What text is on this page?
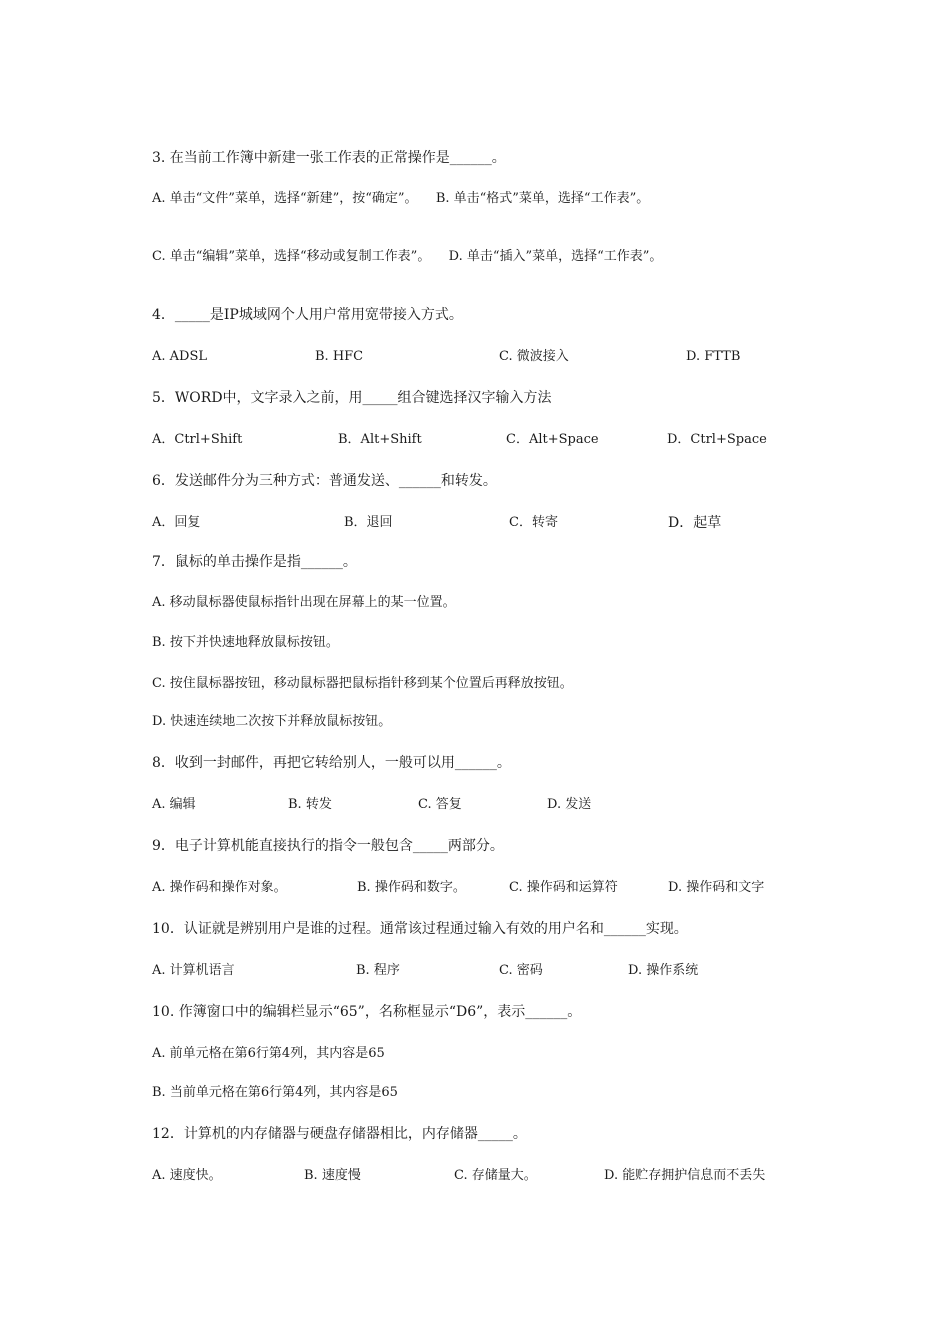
3. 在当前工作簿中新建一张工作表的正常操作是______。
A. 单击“文件”菜单，选择“新建”，按“确定”。 B. 单击“格式”菜单，选择“工作表”。
C. 单击“编辑”菜单，选择“移动或复制工作表”。 D. 单击“插入”菜单，选择“工作表”。
4．_____是IP城域网个人用户常用宽带接入方式。
A. ADSL	B. HFC	C. 微波接入	D. FTTB
5．WORD中，文字录入之前，用_____组合键选择汉字输入方法
A．Ctrl+Shift	B．Alt+Shift	C．Alt+Space	D．Ctrl+Space
6．发送邮件分为三种方式：普通发送、______和转发。
A．回复	B．退回	C．转寄	D．起草
7．鼠标的单击操作是指______。
A. 移动鼠标器使鼠标指针出现在屏幕上的某一位置。
B. 按下并快速地释放鼠标按钮。
C. 按住鼠标器按钮，移动鼠标器把鼠标指针移到某个位置后再释放按钮。
D. 快速连续地二次按下并释放鼠标按钮。
8．收到一封邮件，再把它转给别人，一般可以用______。
A. 编辑	B. 转发	C. 答复	D. 发送
9．电子计算机能直接执行的指令一般包含_____两部分。
A. 操作码和操作对象。	B. 操作码和数字。	C. 操作码和运算符	D. 操作码和文字
10．认证就是辨别用户是谁的过程。通常该过程通过输入有效的用户名和______实现。
A. 计算机语言	B. 程序	C. 密码	D. 操作系统
10. 作簿窗口中的编辑栏显示“65”，名称框显示“D6”，表示______。
A. 前单元格在第6行第4列，其内容是65
B. 当前单元格在第6行第4列，其内容是65
12．计算机的内存储器与硬盘存储器相比，内存储器_____。
A. 速度快。	B. 速度慢	C. 存储量大。	D. 能贮存拥护信息而不丢失
